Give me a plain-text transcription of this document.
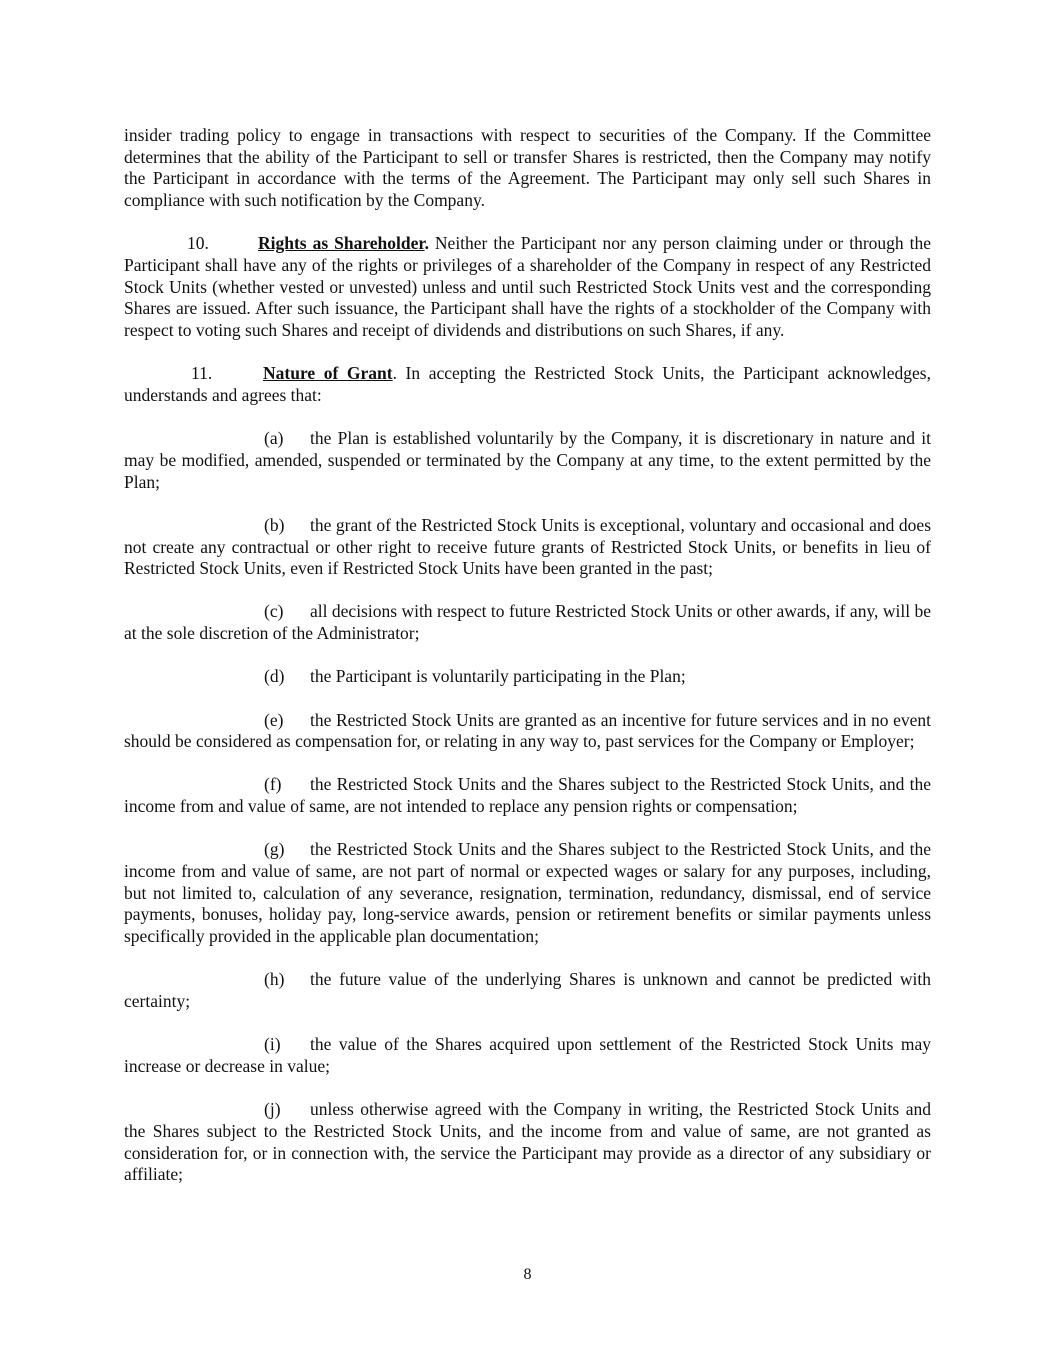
insider trading policy to engage in transactions with respect to securities of the Company. If the Committee determines that the ability of the Participant to sell or transfer Shares is restricted, then the Company may notify the Participant in accordance with the terms of the Agreement. The Participant may only sell such Shares in compliance with such notification by the Company.

10.	Rights as Shareholder. Neither the Participant nor any person claiming under or through the Participant shall have any of the rights or privileges of a shareholder of the Company in respect of any Restricted Stock Units (whether vested or unvested) unless and until such Restricted Stock Units vest and the corresponding Shares are issued. After such issuance, the Participant shall have the rights of a stockholder of the Company with respect to voting such Shares and receipt of dividends and distributions on such Shares, if any.

11.	Nature of Grant. In accepting the Restricted Stock Units, the Participant acknowledges, understands and agrees that:

(a) the Plan is established voluntarily by the Company, it is discretionary in nature and it may be modified, amended, suspended or terminated by the Company at any time, to the extent permitted by the Plan;

(b) the grant of the Restricted Stock Units is exceptional, voluntary and occasional and does not create any contractual or other right to receive future grants of Restricted Stock Units, or benefits in lieu of Restricted Stock Units, even if Restricted Stock Units have been granted in the past;

(c) all decisions with respect to future Restricted Stock Units or other awards, if any, will be at the sole discretion of the Administrator;

(d) the Participant is voluntarily participating in the Plan;

(e) the Restricted Stock Units are granted as an incentive for future services and in no event should be considered as compensation for, or relating in any way to, past services for the Company or Employer;

(f) the Restricted Stock Units and the Shares subject to the Restricted Stock Units, and the income from and value of same, are not intended to replace any pension rights or compensation;

(g) the Restricted Stock Units and the Shares subject to the Restricted Stock Units, and the income from and value of same, are not part of normal or expected wages or salary for any purposes, including, but not limited to, calculation of any severance, resignation, termination, redundancy, dismissal, end of service payments, bonuses, holiday pay, long-service awards, pension or retirement benefits or similar payments unless specifically provided in the applicable plan documentation;

(h) the future value of the underlying Shares is unknown and cannot be predicted with certainty;

(i) the value of the Shares acquired upon settlement of the Restricted Stock Units may increase or decrease in value;

(j) unless otherwise agreed with the Company in writing, the Restricted Stock Units and the Shares subject to the Restricted Stock Units, and the income from and value of same, are not granted as consideration for, or in connection with, the service the Participant may provide as a director of any subsidiary or affiliate;

8
